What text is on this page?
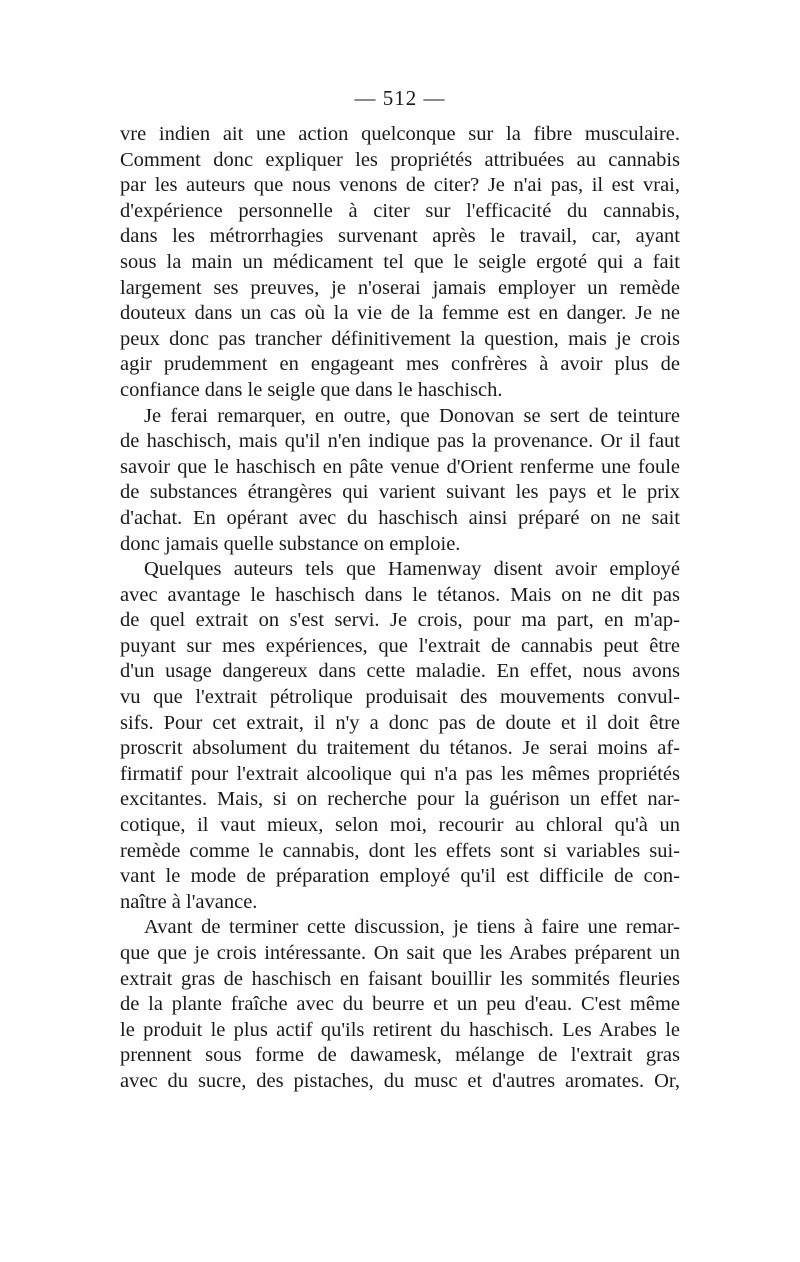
— 512 —
vre indien ait une action quelconque sur la fibre musculaire.
Comment donc expliquer les propriétés attribuées au cannabis
par les auteurs que nous venons de citer? Je n'ai pas, il est vrai,
d'expérience personnelle à citer sur l'efficacité du cannabis,
dans les métrorrhagies survenant après le travail, car, ayant
sous la main un médicament tel que le seigle ergoté qui a fait
largement ses preuves, je n'oserai jamais employer un remède
douteux dans un cas où la vie de la femme est en danger. Je ne
peux donc pas trancher définitivement la question, mais je crois
agir prudemment en engageant mes confrères à avoir plus de
confiance dans le seigle que dans le haschisch.
Je ferai remarquer, en outre, que Donovan se sert de teinture
de haschisch, mais qu'il n'en indique pas la provenance. Or il faut
savoir que le haschisch en pâte venue d'Orient renferme une foule
de substances étrangères qui varient suivant les pays et le prix
d'achat. En opérant avec du haschisch ainsi préparé on ne sait
donc jamais quelle substance on emploie.
Quelques auteurs tels que Hamenway disent avoir employé
avec avantage le haschisch dans le tétanos. Mais on ne dit pas
de quel extrait on s'est servi. Je crois, pour ma part, en m'ap-
puyant sur mes expériences, que l'extrait de cannabis peut être
d'un usage dangereux dans cette maladie. En effet, nous avons
vu que l'extrait pétrolique produisait des mouvements convul-
sifs. Pour cet extrait, il n'y a donc pas de doute et il doit être
proscrit absolument du traitement du tétanos. Je serai moins af-
firmatif pour l'extrait alcoolique qui n'a pas les mêmes propriétés
excitantes. Mais, si on recherche pour la guérison un effet nar-
cotique, il vaut mieux, selon moi, recourir au chloral qu'à un
remède comme le cannabis, dont les effets sont si variables sui-
vant le mode de préparation employé qu'il est difficile de con-
naître à l'avance.
Avant de terminer cette discussion, je tiens à faire une remar-
que que je crois intéressante. On sait que les Arabes préparent un
extrait gras de haschisch en faisant bouillir les sommités fleuries
de la plante fraîche avec du beurre et un peu d'eau. C'est même
le produit le plus actif qu'ils retirent du haschisch. Les Arabes le
prennent sous forme de dawamesk, mélange de l'extrait gras
avec du sucre, des pistaches, du musc et d'autres aromates. Or,
